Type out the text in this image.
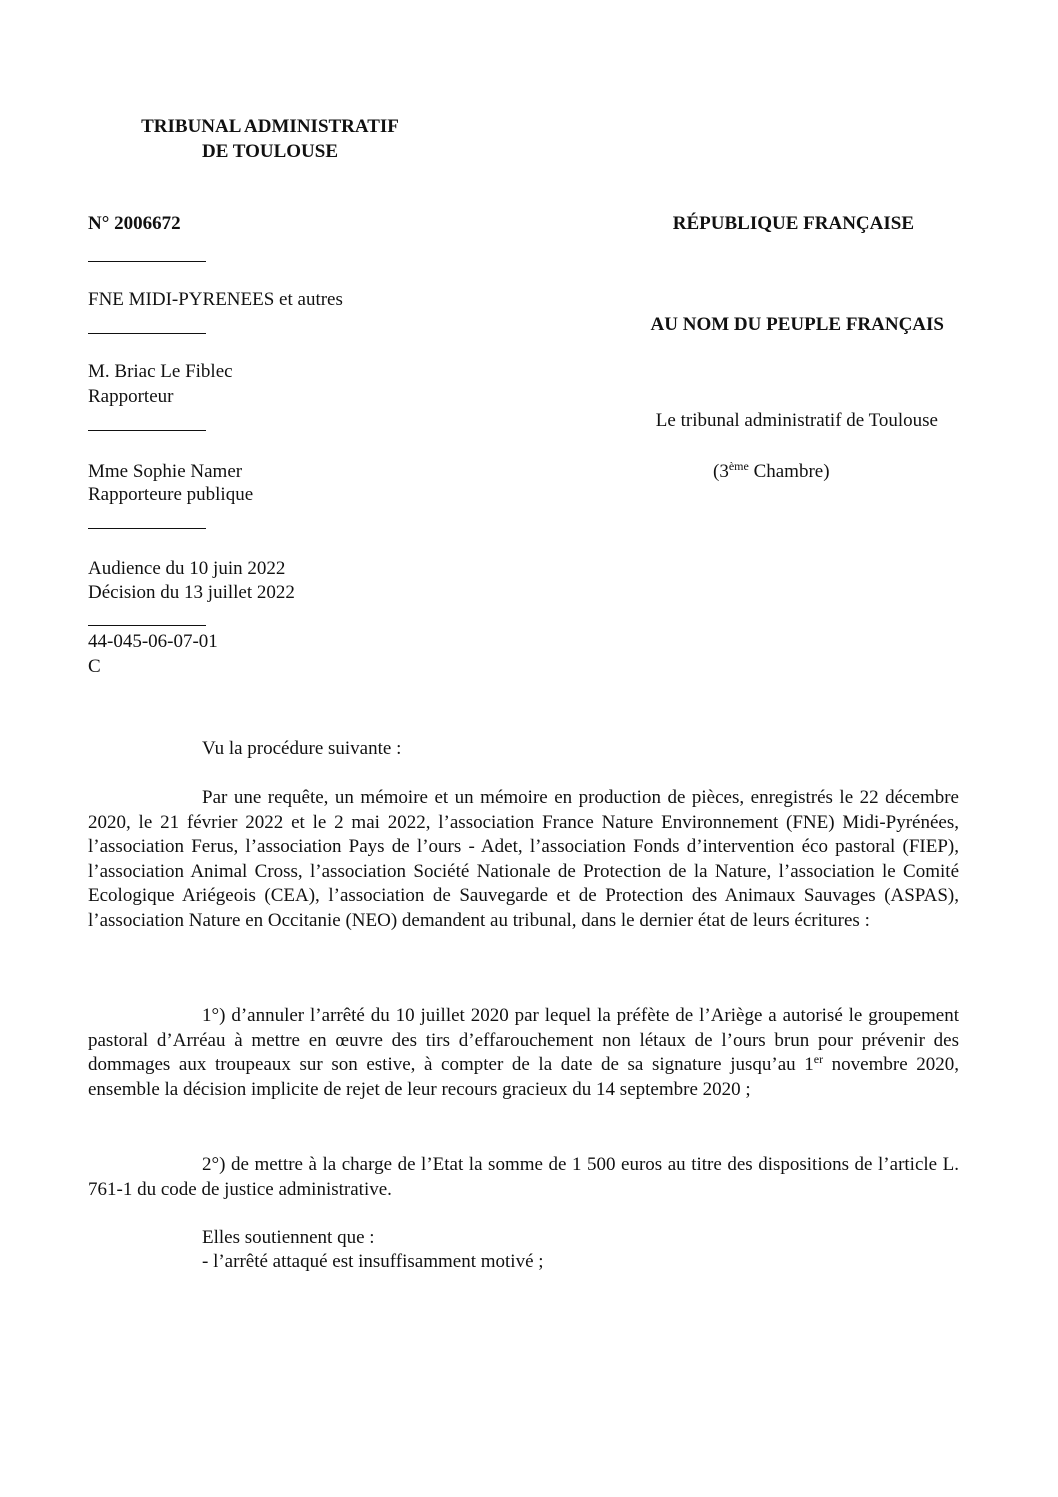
TRIBUNAL ADMINISTRATIF
DE TOULOUSE
N° 2006672	RÉPUBLIQUE FRANÇAISE
FNE MIDI-PYRENEES et autres
AU NOM DU PEUPLE FRANÇAIS
M. Briac Le Fiblec
Rapporteur
Le tribunal administratif de Toulouse
Mme Sophie Namer
Rapporteure publique
(3ème Chambre)
Audience du 10 juin 2022
Décision du 13 juillet 2022
44-045-06-07-01
C
Vu la procédure suivante :
Par une requête, un mémoire et un mémoire en production de pièces, enregistrés le 22 décembre 2020, le 21 février 2022 et le 2 mai 2022, l’association France Nature Environnement (FNE) Midi-Pyrénées, l’association Ferus, l’association Pays de l’ours - Adet, l’association Fonds d’intervention éco pastoral (FIEP), l’association Animal Cross, l’association Société Nationale de Protection de la Nature, l’association le Comité Ecologique Ariégeois (CEA), l’association de Sauvegarde et de Protection des Animaux Sauvages (ASPAS), l’association Nature en Occitanie (NEO) demandent au tribunal, dans le dernier état de leurs écritures :
1°) d’annuler l’arrêté du 10 juillet 2020 par lequel la préfète de l’Ariège a autorisé le groupement pastoral d’Arréau à mettre en œuvre des tirs d’effarouchement non létaux de l’ours brun pour prévenir des dommages aux troupeaux sur son estive, à compter de la date de sa signature jusqu’au 1er novembre 2020, ensemble la décision implicite de rejet de leur recours gracieux du 14 septembre 2020 ;
2°) de mettre à la charge de l’Etat la somme de 1 500 euros au titre des dispositions de l’article L. 761-1 du code de justice administrative.
Elles soutiennent que :
- l’arrêté attaqué est insuffisamment motivé ;
